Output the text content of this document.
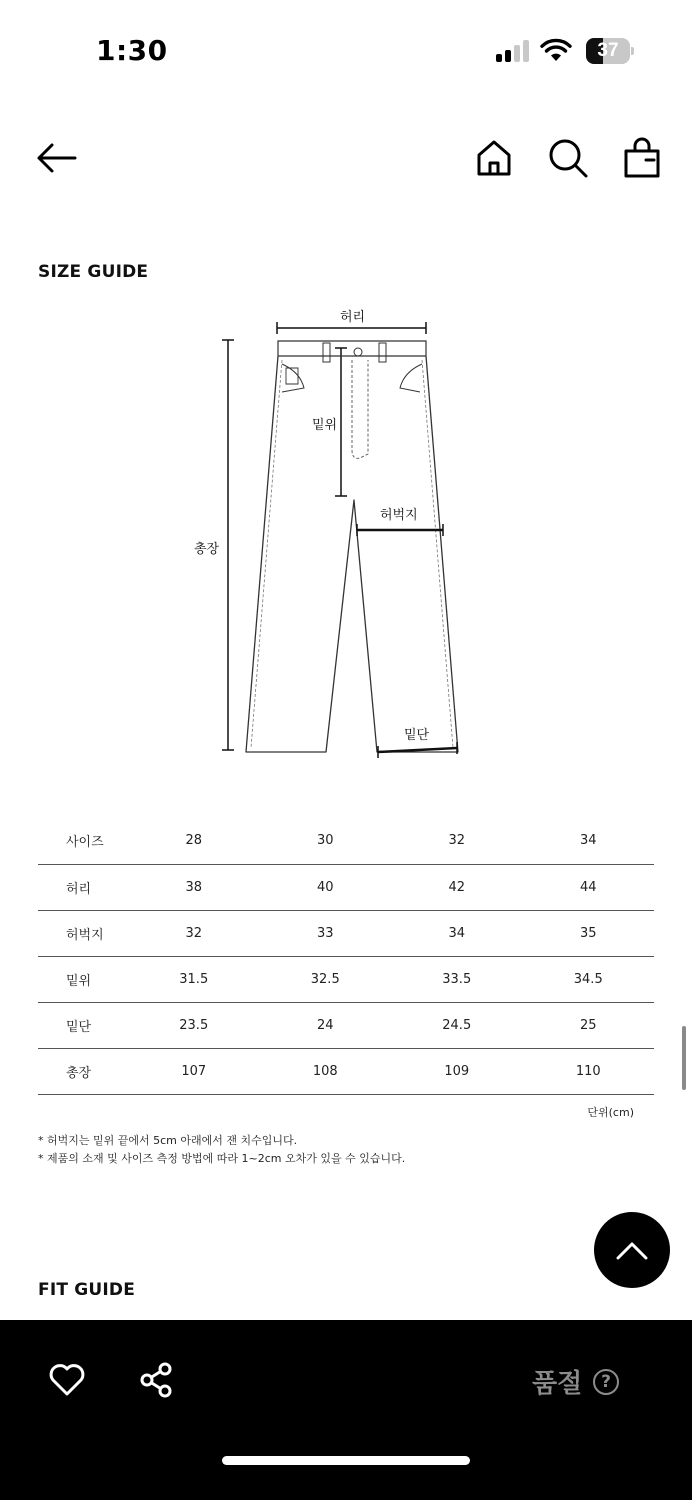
1:30	37
SIZE GUIDE
허리
밑위
허벅지
총장
밑단
사이즈	28	30	32	34
허리	38	40	42	44
허벅지	32	33	34	35
밑위	31.5	32.5	33.5	34.5
밑단	23.5	24	24.5	25
총장	107	108	109	110
단위(cm)
* 허벅지는 밑위 끝에서 5cm 아래에서 잰 치수입니다.
* 제품의 소재 및 사이즈 측정 방법에 따라 1~2cm 오차가 있을 수 있습니다.
FIT GUIDE
품절	?
